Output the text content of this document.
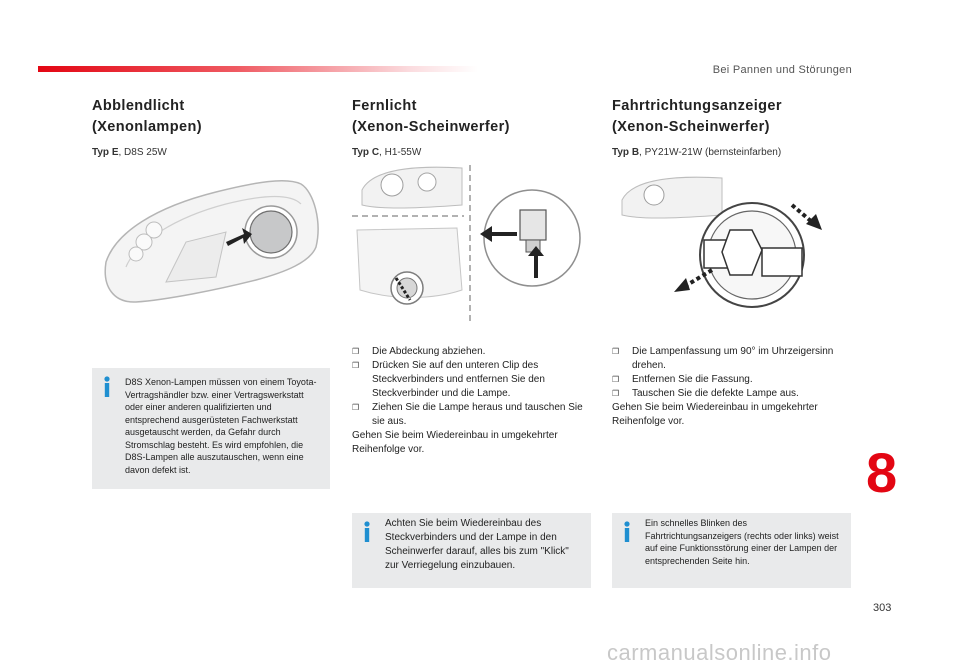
Bei Pannen und Störungen
Abblendlicht
(Xenonlampen)
Typ E, D8S 25W
Fernlicht
(Xenon-Scheinwerfer)
Typ C, H1-55W
Fahrtrichtungsanzeiger
(Xenon-Scheinwerfer)
Typ B, PY21W-21W (bernsteinfarben)
❒ Die Abdeckung abziehen.
❒ Drücken Sie auf den unteren Clip des Steckverbinders und entfernen Sie den Steckverbinder und die Lampe.
❒ Ziehen Sie die Lampe heraus und tauschen Sie sie aus.
Gehen Sie beim Wiedereinbau in umgekehrter Reihenfolge vor.
❒ Die Lampenfassung um 90° im Uhrzeigersinn drehen.
❒ Entfernen Sie die Fassung.
❒ Tauschen Sie die defekte Lampe aus.
Gehen Sie beim Wiedereinbau in umgekehrter Reihenfolge vor.
D8S Xenon-Lampen müssen von einem Toyota-Vertragshändler bzw. einer Vertragswerkstatt oder einer anderen qualifizierten und entsprechend ausgerüsteten Fachwerkstatt ausgetauscht werden, da Gefahr durch Stromschlag besteht. Es wird empfohlen, die D8S-Lampen alle auszutauschen, wenn eine davon defekt ist.
Achten Sie beim Wiedereinbau des Steckverbinders und der Lampe in den Scheinwerfer darauf, alles bis zum "Klick" zur Verriegelung einzubauen.
Ein schnelles Blinken des Fahrtrichtungsanzeigers (rechts oder links) weist auf eine Funktionsstörung einer der Lampen der entsprechenden Seite hin.
8
303
carmanualsonline.info
